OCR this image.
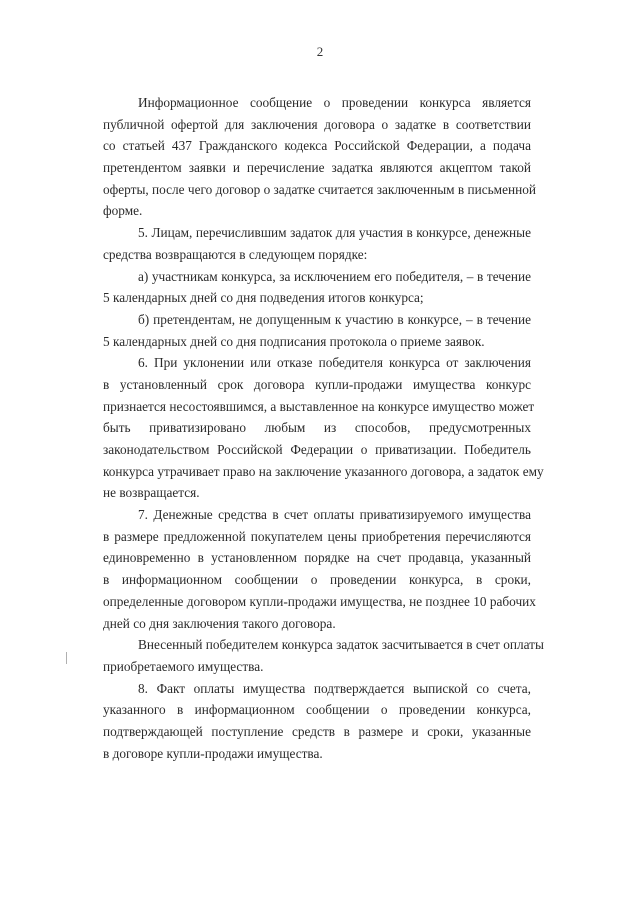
2
Информационное сообщение о проведении конкурса является
публичной офертой для заключения договора о задатке в соответствии
со статьей 437 Гражданского кодекса Российской Федерации, а подача
претендентом заявки и перечисление задатка являются акцептом такой
оферты, после чего договор о задатке считается заключенным в письменной
форме.
5. Лицам, перечислившим задаток для участия в конкурсе, денежные
средства возвращаются в следующем порядке:
а) участникам конкурса, за исключением его победителя, – в течение
5 календарных дней со дня подведения итогов конкурса;
б) претендентам, не допущенным к участию в конкурсе, – в течение
5 календарных дней со дня подписания протокола о приеме заявок.
6. При уклонении или отказе победителя конкурса от заключения
в установленный срок договора купли-продажи имущества конкурс
признается несостоявшимся, а выставленное на конкурсе имущество может
быть приватизировано любым из способов, предусмотренных
законодательством Российской Федерации о приватизации. Победитель
конкурса утрачивает право на заключение указанного договора, а задаток ему
не возвращается.
7. Денежные средства в счет оплаты приватизируемого имущества
в размере предложенной покупателем цены приобретения перечисляются
единовременно в установленном порядке на счет продавца, указанный
в информационном сообщении о проведении конкурса, в сроки,
определенные договором купли-продажи имущества, не позднее 10 рабочих
дней со дня заключения такого договора.
Внесенный победителем конкурса задаток засчитывается в счет оплаты
приобретаемого имущества.
8. Факт оплаты имущества подтверждается выпиской со счета,
указанного в информационном сообщении о проведении конкурса,
подтверждающей поступление средств в размере и сроки, указанные
в договоре купли-продажи имущества.
